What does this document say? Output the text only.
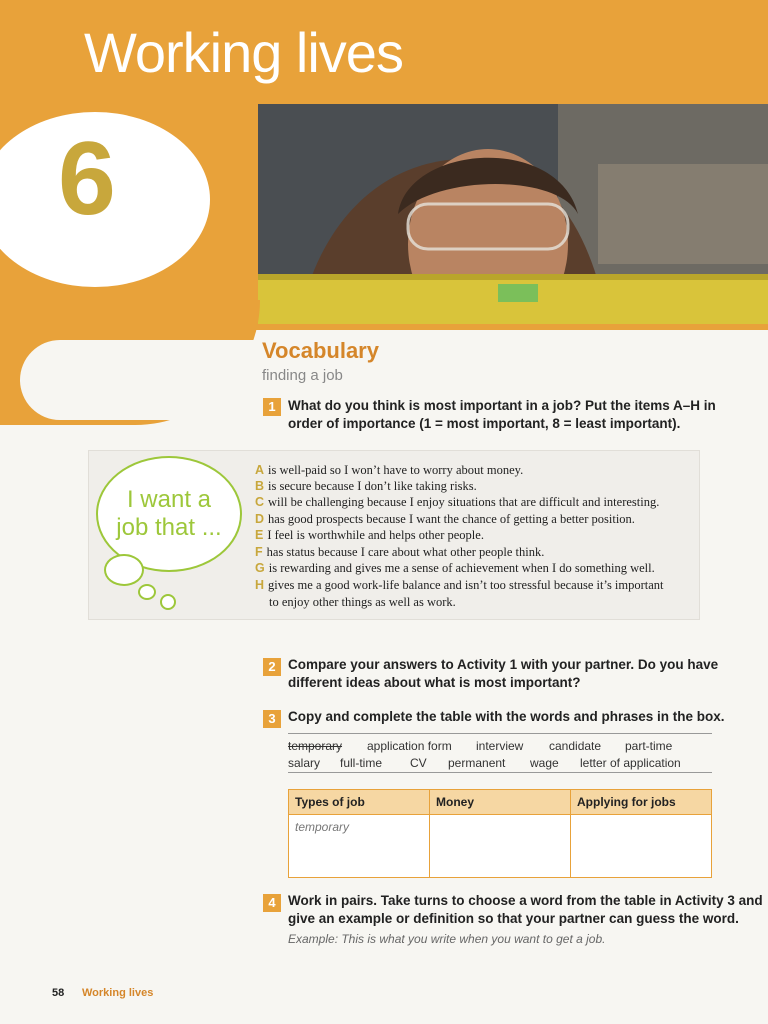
Working lives
6
Vocabulary
finding a job
1 What do you think is most important in a job? Put the items A–H in
order of importance (1 = most important, 8 = least important).
I want a
job that ...
A is well-paid so I won’t have to worry about money.
B is secure because I don’t like taking risks.
C will be challenging because I enjoy situations that are difficult and interesting.
D has good prospects because I want the chance of getting a better position.
E I feel is worthwhile and helps other people.
F has status because I care about what other people think.
G is rewarding and gives me a sense of achievement when I do something well.
H gives me a good work-life balance and isn’t too stressful because it’s important
to enjoy other things as well as work.
2 Compare your answers to Activity 1 with your partner. Do you have
different ideas about what is most important?
3 Copy and complete the table with the words and phrases in the box.
temporary application form interview candidate part-time
salary full-time CV permanent wage letter of application
Types of job	Money	Applying for jobs
temporary		
4 Work in pairs. Take turns to choose a word from the table in Activity 3 and
give an example or definition so that your partner can guess the word.
Example: This is what you write when you want to get a job.
58 Working lives
